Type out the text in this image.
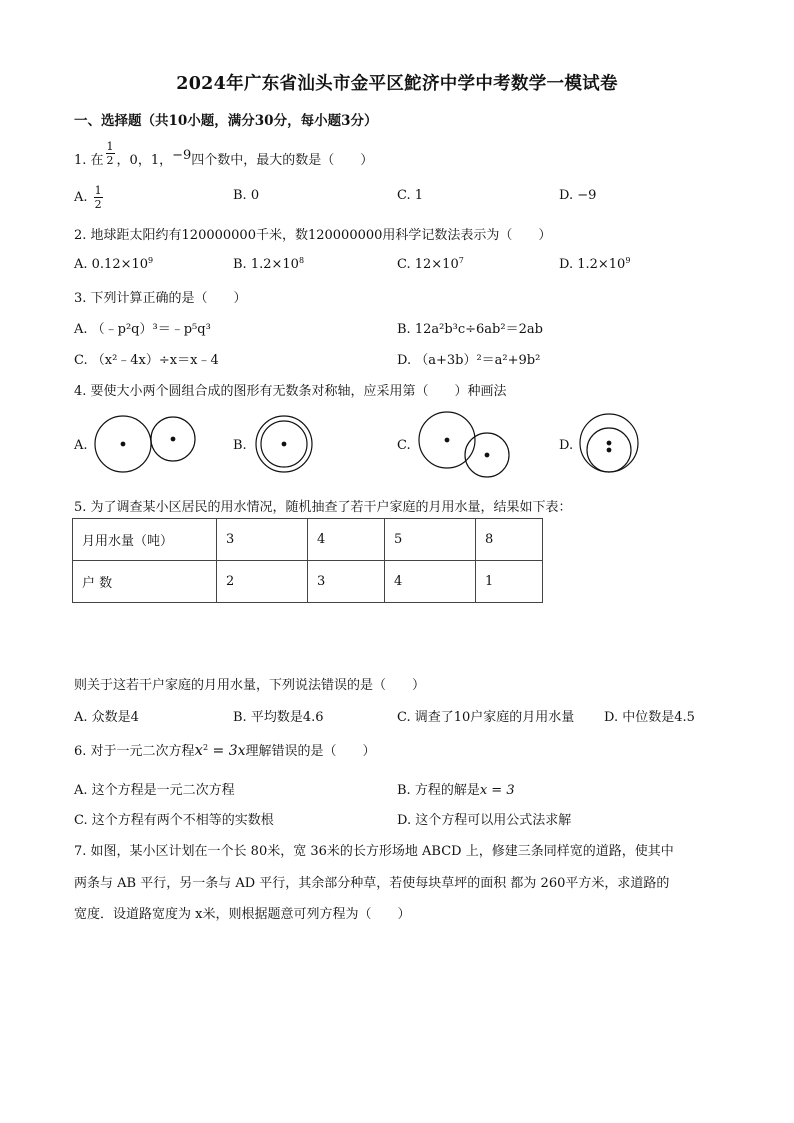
2024年广东省汕头市金平区鮀济中学中考数学一模试卷
一、选择题（共10小题，满分30分，每小题3分）
1. 在 $\frac{1}{2}$ ，0，1，−9四个数中，最大的数是（　　）
A. $\frac{1}{2}$	B. 0	C. 1	D. −9
2. 地球距太阳约有120000000千米，数120000000用科学记数法表示为（　　）
A. $0.12\times 10^9$	B. $1.2\times 10^8$	C. $12\times 10^7$	D. $1.2\times 10^9$
3. 下列计算正确的是（　　）
A. （﹣p²q）³＝﹣p⁵q³	B. 12a²b³c÷6ab²＝2ab
C. （x²﹣4x）÷x＝x﹣4	D. （a+3b）²＝a²+9b²
4. 要使大小两个圆组合成的图形有无数条对称轴，应采用第（　　）种画法
A.	B.	C.	D.
5. 为了调查某小区居民的用水情况，随机抽查了若干户家庭的月用水量，结果如下表：
月用水量（吨）	3	4	5	8
户 数	2	3	4	1
则关于这若干户家庭的月用水量，下列说法错误的是（　　）
A. 众数是4	B. 平均数是4.6	C. 调查了10户家庭的月用水量 D. 中位数是4.5
6. 对于一元二次方程$x^2 = 3x$理解错误的是（　　）
A. 这个方程是一元二次方程	B. 方程的解是x = 3
C. 这个方程有两个不相等的实数根	D. 这个方程可以用公式法求解
7. 如图，某小区计划在一个长 80米，宽 36米的长方形场地 ABCD 上，修建三条同样宽的道路，使其中
两条与 AB 平行，另一条与 AD 平行，其余部分种草，若使每块草坪的面积 都为 260平方米，求道路的
宽度．设道路宽度为 x米，则根据题意可列方程为（　　）
